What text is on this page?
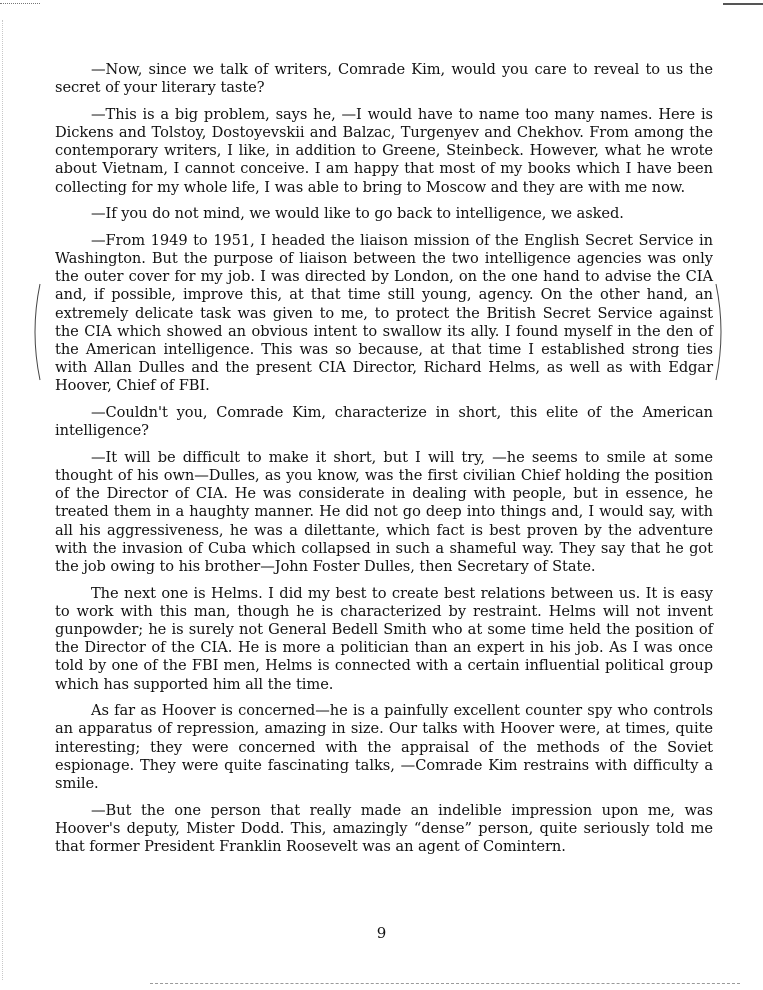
—Now, since we talk of writers, Comrade Kim, would you care to reveal to us the secret of your literary taste?

—This is a big problem, says he, —I would have to name too many names. Here is Dickens and Tolstoy, Dostoyevskii and Balzac, Turgenyev and Chekhov. From among the contemporary writers, I like, in addition to Greene, Steinbeck. However, what he wrote about Vietnam, I cannot conceive. I am happy that most of my books which I have been collecting for my whole life, I was able to bring to Moscow and they are with me now.

—If you do not mind, we would like to go back to intelligence, we asked.

—From 1949 to 1951, I headed the liaison mission of the English Secret Service in Washington. But the purpose of liaison between the two intelligence agencies was only the outer cover for my job. I was directed by London, on the one hand to advise the CIA and, if possible, improve this, at that time still young, agency. On the other hand, an extremely delicate task was given to me, to protect the British Secret Service against the CIA which showed an obvious intent to swallow its ally. I found myself in the den of the American intelligence. This was so because, at that time I established strong ties with Allan Dulles and the present CIA Director, Richard Helms, as well as with Edgar Hoover, Chief of FBI.

—Couldn't you, Comrade Kim, characterize in short, this elite of the American intelligence?

—It will be difficult to make it short, but I will try, —he seems to smile at some thought of his own—Dulles, as you know, was the first civilian Chief holding the position of the Director of CIA. He was considerate in dealing with people, but in essence, he treated them in a haughty manner. He did not go deep into things and, I would say, with all his aggressiveness, he was a dilettante, which fact is best proven by the adventure with the invasion of Cuba which collapsed in such a shameful way. They say that he got the job owing to his brother—John Foster Dulles, then Secretary of State.

The next one is Helms. I did my best to create best relations between us. It is easy to work with this man, though he is characterized by restraint. Helms will not invent gunpowder; he is surely not General Bedell Smith who at some time held the position of the Director of the CIA. He is more a politician than an expert in his job. As I was once told by one of the FBI men, Helms is connected with a certain influential political group which has supported him all the time.

As far as Hoover is concerned—he is a painfully excellent counter spy who controls an apparatus of repression, amazing in size. Our talks with Hoover were, at times, quite interesting; they were concerned with the appraisal of the methods of the Soviet espionage. They were quite fascinating talks, —Comrade Kim restrains with difficulty a smile.

—But the one person that really made an indelible impression upon me, was Hoover's deputy, Mister Dodd. This, amazingly “dense” person, quite seriously told me that former President Franklin Roosevelt was an agent of Comintern.

9
